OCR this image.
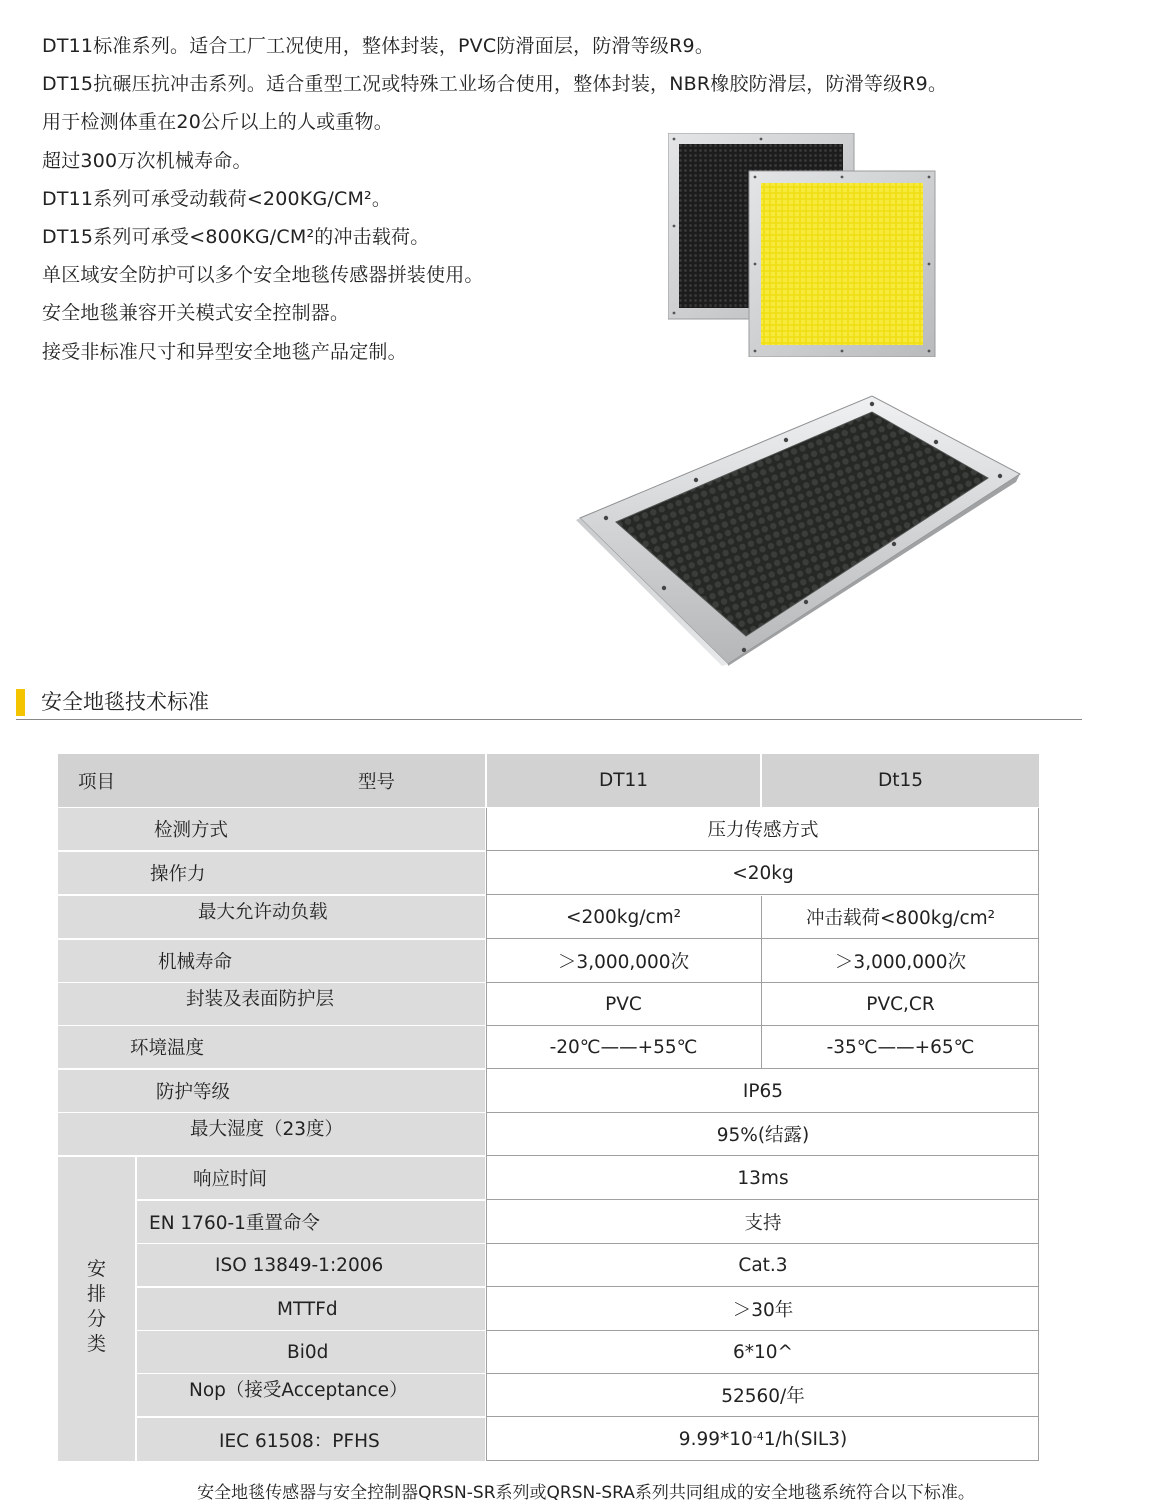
DT11标准系列。适合工厂工况使用，整体封装，PVC防滑面层，防滑等级R9。
DT15抗碾压抗冲击系列。适合重型工况或特殊工业场合使用，整体封装，NBR橡胶防滑层，防滑等级R9。
用于检测体重在20公斤以上的人或重物。
超过300万次机械寿命。
DT11系列可承受动载荷<200KG/CM²。
DT15系列可承受<800KG/CM²的冲击载荷。
单区域安全防护可以多个安全地毯传感器拼装使用。
安全地毯兼容开关模式安全控制器。
接受非标准尺寸和异型安全地毯产品定制。
安全地毯技术标准
项目	型号	DT11	Dt15
检测方式	压力传感方式
操作力	<20kg
最大允许动负载	<200kg/cm²	冲击载荷<800kg/cm²
机械寿命	＞3,000,000次	＞3,000,000次
封装及表面防护层	PVC	PVC,CR
环境温度	-20℃——+55℃	-35℃——+65℃
防护等级	IP65
最大湿度（23度）	95%(结露)
安
排
分
类
响应时间	13ms
EN 1760-1重置命令	支持
ISO 13849-1:2006	Cat.3
MTTFd	＞30年
Bi0d	6*10^
Nop（接受Acceptance）	52560/年
IEC 61508：PFHS	$9.99*10^{-4}$ 1/h(SIL3)
安全地毯传感器与安全控制器QRSN-SR系列或QRSN-SRA系列共同组成的安全地毯系统符合以下标准。
